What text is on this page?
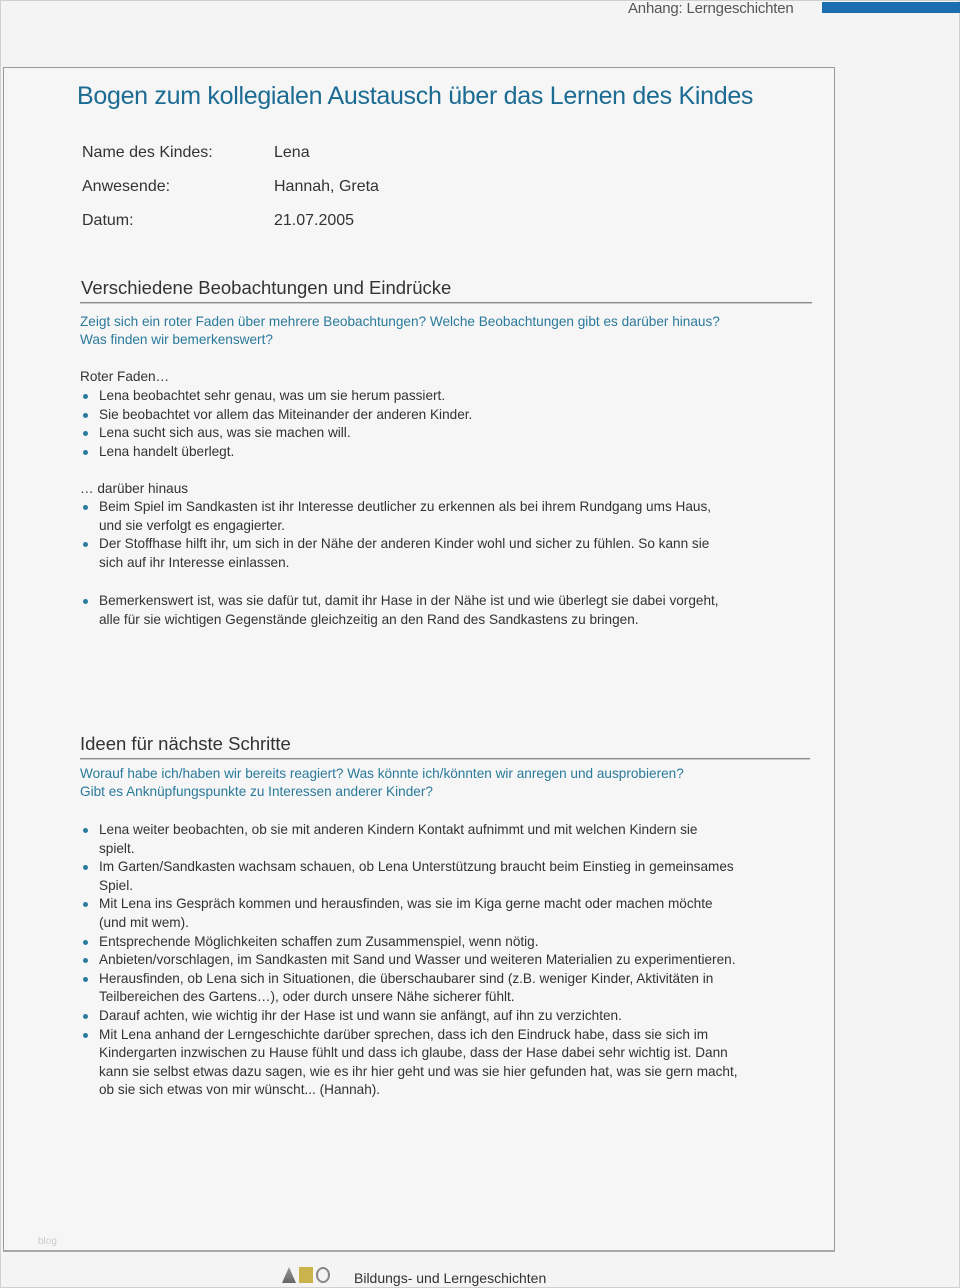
Anhang: Lerngeschichten
Bogen zum kollegialen Austausch über das Lernen des Kindes
Name des Kindes:	Lena
Anwesende:	Hannah, Greta
Datum:	21.07.2005
Verschiedene Beobachtungen und Eindrücke
Zeigt sich ein roter Faden über mehrere Beobachtungen? Welche Beobachtungen gibt es darüber hinaus?
Was finden wir bemerkenswert?
Roter Faden…
Lena beobachtet sehr genau, was um sie herum passiert.
Sie beobachtet vor allem das Miteinander der anderen Kinder.
Lena sucht sich aus, was sie machen will.
Lena handelt überlegt.
… darüber hinaus
Beim Spiel im Sandkasten ist ihr Interesse deutlicher zu erkennen als bei ihrem Rundgang ums Haus,
und sie verfolgt es engagierter.
Der Stoffhase hilft ihr, um sich in der Nähe der anderen Kinder wohl und sicher zu fühlen. So kann sie
sich auf ihr Interesse einlassen.
Bemerkenswert ist, was sie dafür tut, damit ihr Hase in der Nähe ist und wie überlegt sie dabei vorgeht,
alle für sie wichtigen Gegenstände gleichzeitig an den Rand des Sandkastens zu bringen.
Ideen für nächste Schritte
Worauf habe ich/haben wir bereits reagiert? Was könnte ich/könnten wir anregen und ausprobieren?
Gibt es Anknüpfungspunkte zu Interessen anderer Kinder?
Lena weiter beobachten, ob sie mit anderen Kindern Kontakt aufnimmt und mit welchen Kindern sie
spielt.
Im Garten/Sandkasten wachsam schauen, ob Lena Unterstützung braucht beim Einstieg in gemeinsames
Spiel.
Mit Lena ins Gespräch kommen und herausfinden, was sie im Kiga gerne macht oder machen möchte
(und mit wem).
Entsprechende Möglichkeiten schaffen zum Zusammenspiel, wenn nötig.
Anbieten/vorschlagen, im Sandkasten mit Sand und Wasser und weiteren Materialien zu experimentieren.
Herausfinden, ob Lena sich in Situationen, die überschaubarer sind (z.B. weniger Kinder, Aktivitäten in
Teilbereichen des Gartens…), oder durch unsere Nähe sicherer fühlt.
Darauf achten, wie wichtig ihr der Hase ist und wann sie anfängt, auf ihn zu verzichten.
Mit Lena anhand der Lerngeschichte darüber sprechen, dass ich den Eindruck habe, dass sie sich im
Kindergarten inzwischen zu Hause fühlt und dass ich glaube, dass der Hase dabei sehr wichtig ist. Dann
kann sie selbst etwas dazu sagen, wie es ihr hier geht und was sie hier gefunden hat, was sie gern macht,
ob sie sich etwas von mir wünscht... (Hannah).
blog
Bildungs- und Lerngeschichten
